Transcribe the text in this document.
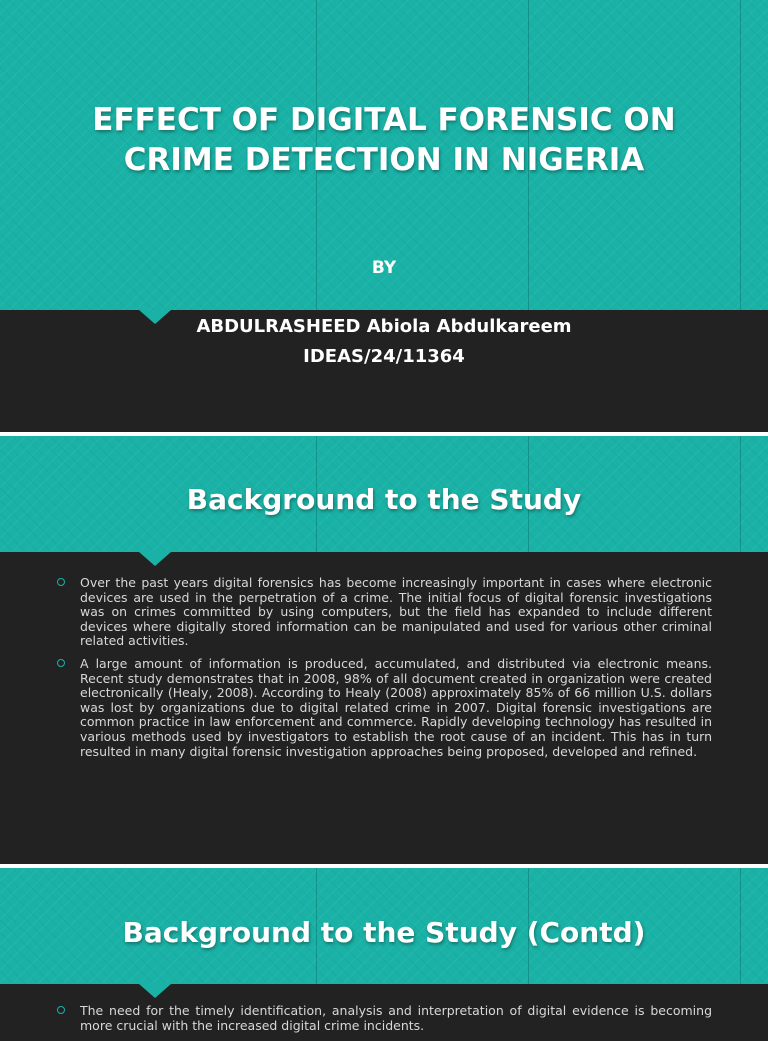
EFFECT OF DIGITAL FORENSIC ON
CRIME DETECTION IN NIGERIA

BY

ABDULRASHEED Abiola Abdulkareem

IDEAS/24/11364

Background to the Study
Over the past years digital forensics has become increasingly important in cases where electronic devices are used in the perpetration of a crime. The initial focus of digital forensic investigations was on crimes committed by using computers, but the field has expanded to include different devices where digitally stored information can be manipulated and used for various other criminal related activities.
A large amount of information is produced, accumulated, and distributed via electronic means. Recent study demonstrates that in 2008, 98% of all document created in organization were created electronically (Healy, 2008). According to Healy (2008) approximately 85% of 66 million U.S. dollars was lost by organizations due to digital related crime in 2007. Digital forensic investigations are common practice in law enforcement and commerce. Rapidly developing technology has resulted in various methods used by investigators to establish the root cause of an incident. This has in turn resulted in many digital forensic investigation approaches being proposed, developed and refined.
The need for the timely identification, analysis and interpretation of digital evidence is becoming more crucial with the increased digital crime incidents.
Background to the Study (Contd)
